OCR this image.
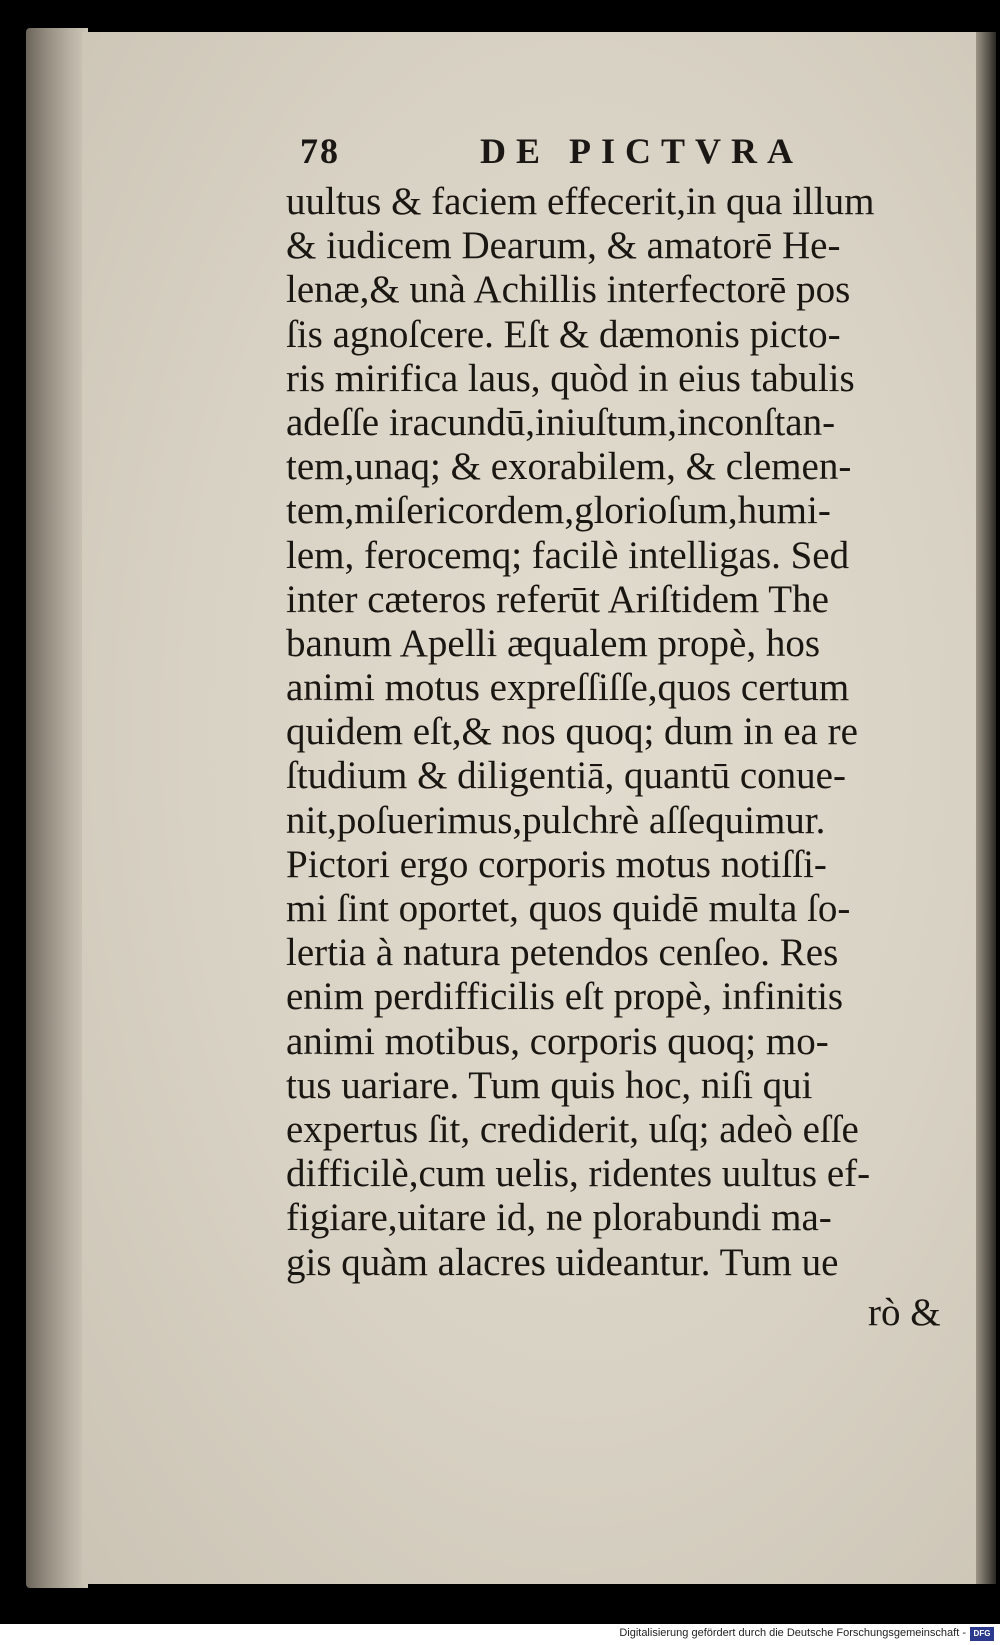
78	DE PICTVRA
uultus & faciem effecerit,in qua illum
& iudicem Dearum, & amatorē He-
lenæ,& unà Achillis interfectorē pos
ſis agnoſcere. Eſt & dæmonis picto-
ris mirifica laus, quòd in eius tabulis
adeſſe iracundū,iniuſtum,inconſtan-
tem,unaq; & exorabilem, & clemen-
tem,miſericordem,glorioſum,humi-
lem, ferocemq; facilè intelligas. Sed
inter cæteros referūt Ariſtidem The
banum Apelli æqualem propè, hos
animi motus expreſſiſſe,quos certum
quidem eſt,& nos quoq; dum in ea re
ſtudium & diligentiā, quantū conue-
nit,poſuerimus,pulchrè aſſequimur.
Pictori ergo corporis motus notiſſi-
mi ſint oportet, quos quidē multa ſo-
lertia à natura petendos cenſeo. Res
enim perdifficilis eſt propè, infinitis
animi motibus, corporis quoq; mo-
tus uariare. Tum quis hoc, niſi qui
expertus ſit, crediderit, uſq; adeò eſſe
difficilè,cum uelis, ridentes uultus ef-
figiare,uitare id, ne plorabundi ma-
gis quàm alacres uideantur. Tum ue
rò &
Digitalisierung gefördert durch die Deutsche Forschungsgemeinschaft - DFG
